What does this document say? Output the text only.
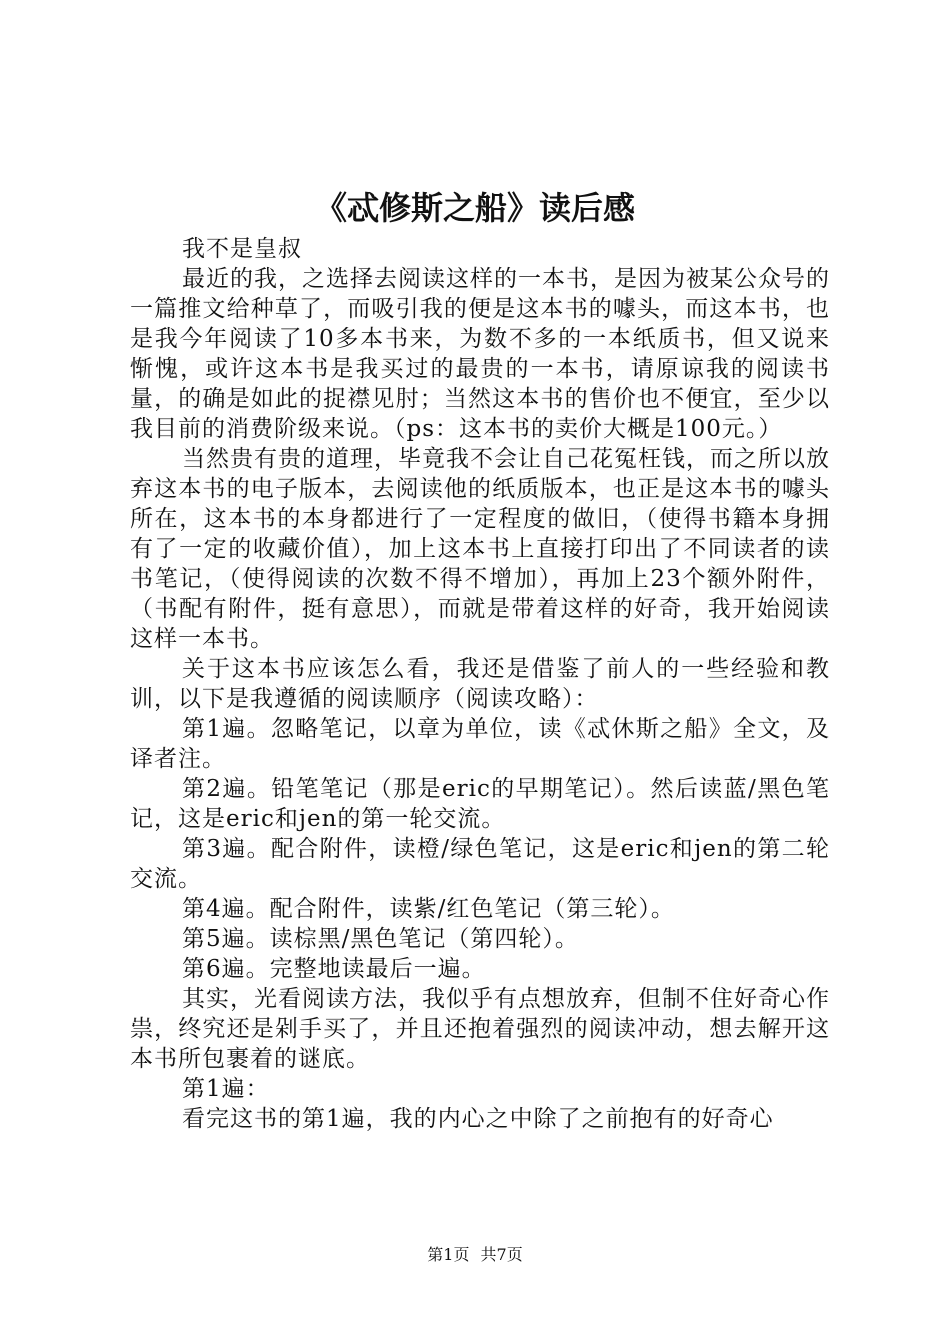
《忒修斯之船》读后感

我不是皇叔

最近的我，之选择去阅读这样的一本书，是因为被某公众号的一篇推文给种草了，而吸引我的便是这本书的噱头，而这本书，也是我今年阅读了10多本书来，为数不多的一本纸质书，但又说来惭愧，或许这本书是我买过的最贵的一本书，请原谅我的阅读书量，的确是如此的捉襟见肘；当然这本书的售价也不便宜，至少以我目前的消费阶级来说。（ps：这本书的卖价大概是100元。）

当然贵有贵的道理，毕竟我不会让自己花冤枉钱，而之所以放弃这本书的电子版本，去阅读他的纸质版本，也正是这本书的噱头所在，这本书的本身都进行了一定程度的做旧，（使得书籍本身拥有了一定的收藏价值），加上这本书上直接打印出了不同读者的读书笔记，（使得阅读的次数不得不增加），再加上23个额外附件，（书配有附件，挺有意思），而就是带着这样的好奇，我开始阅读这样一本书。

关于这本书应该怎么看，我还是借鉴了前人的一些经验和教训，以下是我遵循的阅读顺序（阅读攻略）：

第1遍。忽略笔记，以章为单位，读《忒休斯之船》全文，及译者注。

第2遍。铅笔笔记（那是eric的早期笔记）。然后读蓝/黑色笔记，这是eric和jen的第一轮交流。

第3遍。配合附件，读橙/绿色笔记，这是eric和jen的第二轮交流。

第4遍。配合附件，读紫/红色笔记（第三轮）。

第5遍。读棕黑/黑色笔记（第四轮）。

第6遍。完整地读最后一遍。

其实，光看阅读方法，我似乎有点想放弃，但制不住好奇心作祟，终究还是剁手买了，并且还抱着强烈的阅读冲动，想去解开这本书所包裹着的谜底。

第1遍：

看完这书的第1遍，我的内心之中除了之前抱有的好奇心

第1页 共7页
